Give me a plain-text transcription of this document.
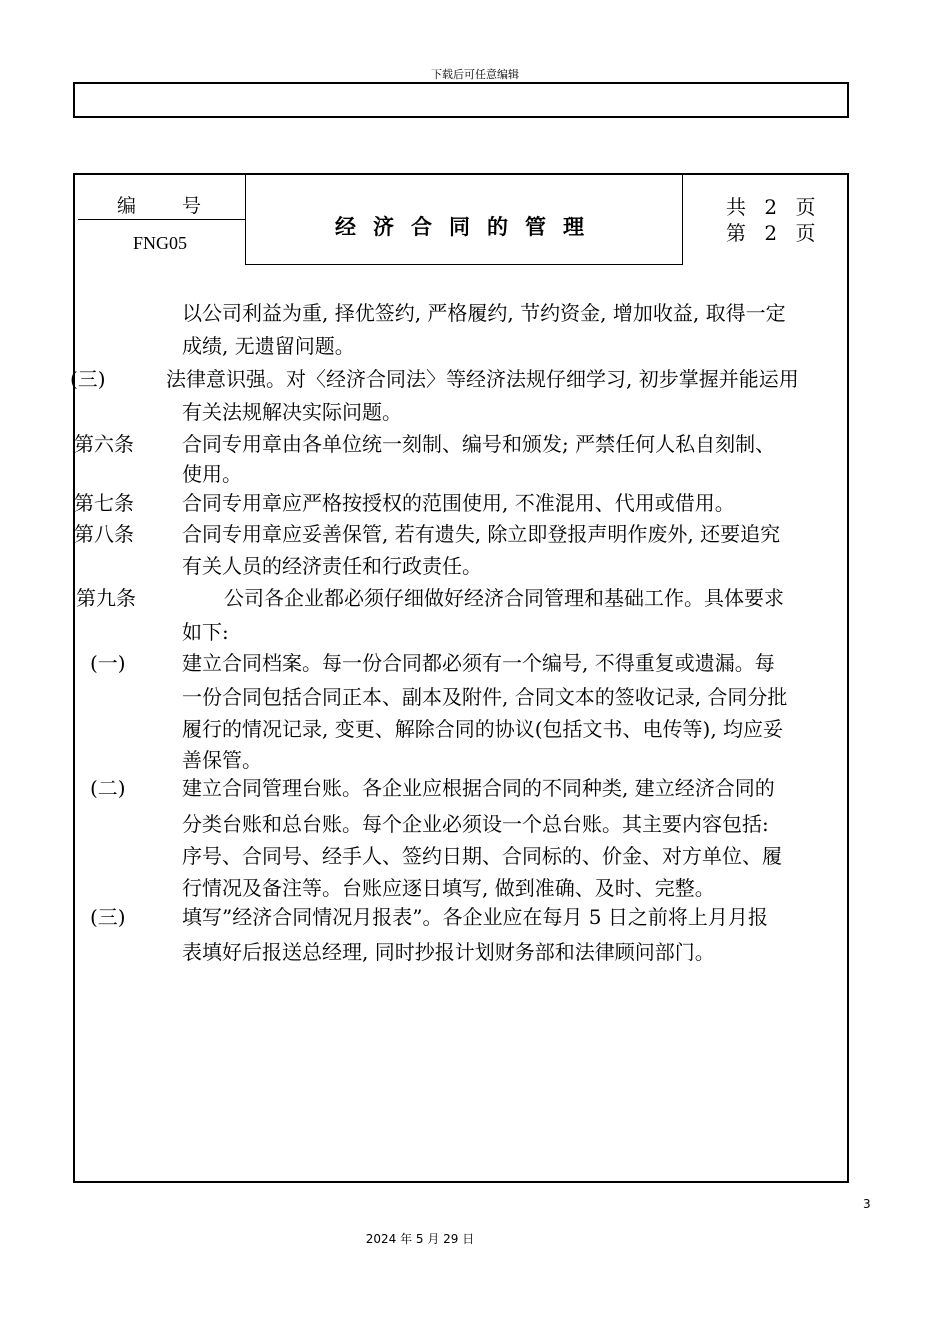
下载后可任意编辑
编 号
FNG05
经济合同的管理
共 2 页
第 2 页
以公司利益为重, 择优签约, 严格履约, 节约资金, 增加收益, 取得一定
成绩, 无遗留问题。
(三)	法律意识强。对〈经济合同法〉等经济法规仔细学习, 初步掌握并能运用
有关法规解决实际问题。
第六条 合同专用章由各单位统一刻制、编号和颁发; 严禁任何人私自刻制、
使用。
第七条 合同专用章应严格按授权的范围使用, 不准混用、代用或借用。
第八条 合同专用章应妥善保管, 若有遗失, 除立即登报声明作废外, 还要追究
有关人员的经济责任和行政责任。
第九条	公司各企业都必须仔细做好经济合同管理和基础工作。具体要求
如下:
(一)	建立合同档案。每一份合同都必须有一个编号, 不得重复或遗漏。每
一份合同包括合同正本、副本及附件, 合同文本的签收记录, 合同分批
履行的情况记录, 变更、解除合同的协议(包括文书、电传等), 均应妥
善保管。
(二)	建立合同管理台账。各企业应根据合同的不同种类, 建立经济合同的
分类台账和总台账。每个企业必须设一个总台账。其主要内容包括:
序号、合同号、经手人、签约日期、合同标的、价金、对方单位、履
行情况及备注等。台账应逐日填写, 做到准确、及时、完整。
(三)	填写”经济合同情况月报表”。各企业应在每月 5 日之前将上月月报
表填好后报送总经理, 同时抄报计划财务部和法律顾问部门。
3
2024 年 5 月 29 日
